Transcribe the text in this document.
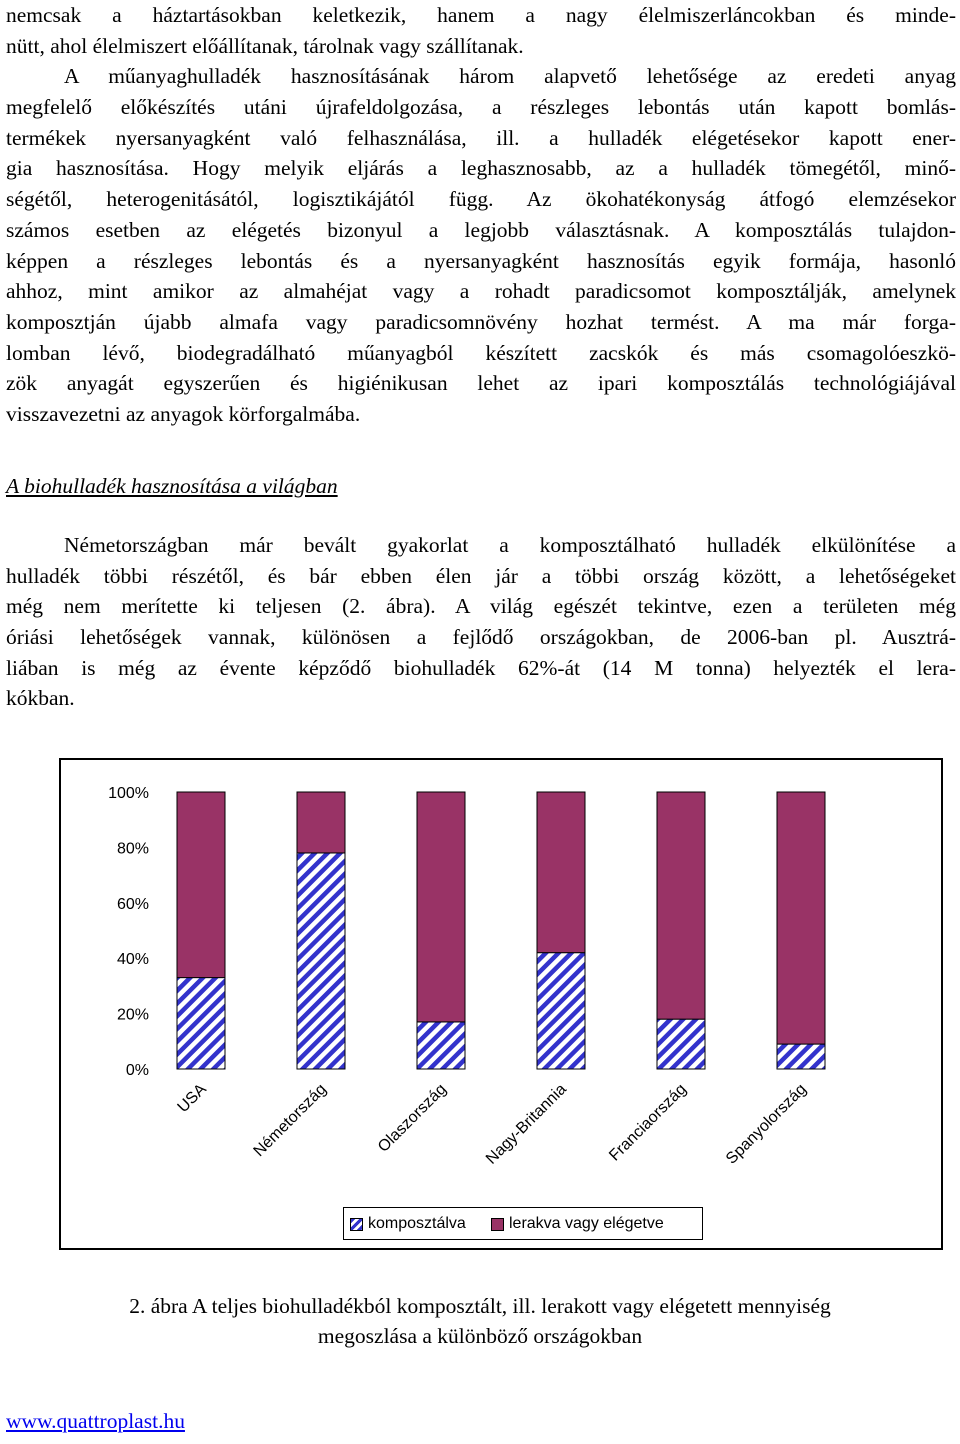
nemcsak a háztartásokban keletkezik, hanem a nagy élelmiszerláncokban és minde-
nütt, ahol élelmiszert előállítanak, tárolnak vagy szállítanak.
A műanyaghulladék hasznosításának három alapvető lehetősége az eredeti anyag
megfelelő előkészítés utáni újrafeldolgozása, a részleges lebontás után kapott bomlás-
termékek nyersanyagként való felhasználása, ill. a hulladék elégetésekor kapott ener-
gia hasznosítása. Hogy melyik eljárás a leghasznosabb, az a hulladék tömegétől, minő-
ségétől, heterogenitásától, logisztikájától függ. Az ökohatékonyság átfogó elemzésekor
számos esetben az elégetés bizonyul a legjobb választásnak. A komposztálás tulajdon-
képpen a részleges lebontás és a nyersanyagként hasznosítás egyik formája, hasonló
ahhoz, mint amikor az almahéjat vagy a rohadt paradicsomot komposztálják, amelynek
komposztján újabb almafa vagy paradicsomnövény hozhat termést. A ma már forga-
lomban lévő, biodegradálható műanyagból készített zacskók és más csomagolóeszkö-
zök anyagát egyszerűen és higiénikusan lehet az ipari komposztálás technológiájával
visszavezetni az anyagok körforgalmába.
A biohulladék hasznosítása a világban
Németországban már bevált gyakorlat a komposztálható hulladék elkülönítése a
hulladék többi részétől, és bár ebben élen jár a többi ország között, a lehetőségeket
még nem merítette ki teljesen (2. ábra). A világ egészét tekintve, ezen a területen még
óriási lehetőségek vannak, különösen a fejlődő országokban, de 2006-ban pl. Ausztrá-
liában is még az évente képződő biohulladék 62%-át (14 M tonna) helyezték el lera-
kókban.
100%
80%
60%
40%
20%
0%
USA	Németország	Olaszország Nagy-Britannia Franciaország Spanyolország
komposztálva	lerakva vagy elégetve
2. ábra A teljes biohulladékból komposztált, ill. lerakott vagy elégetett mennyiség
megoszlása a különböző országokban
www.quattroplast.hu
